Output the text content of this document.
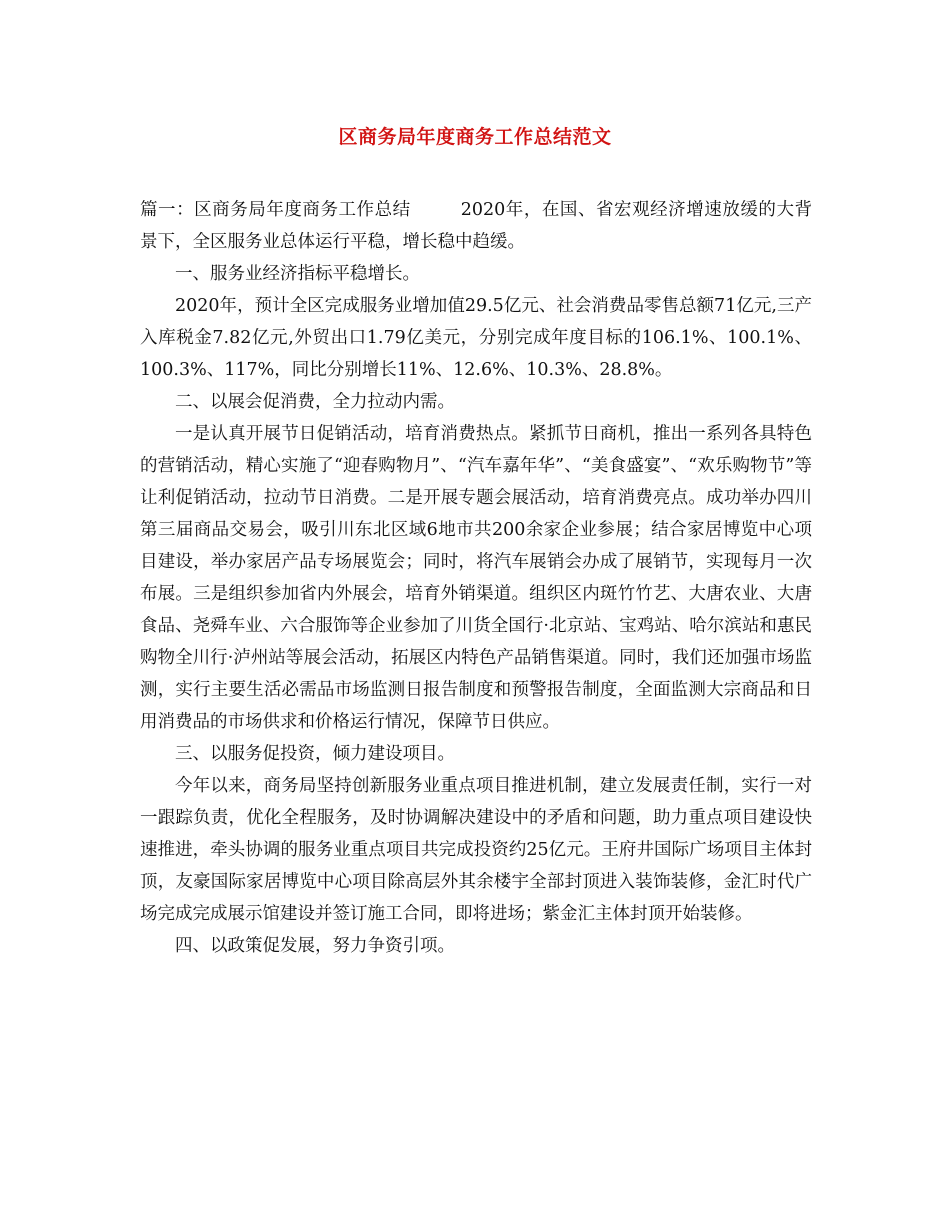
区商务局年度商务工作总结范文

篇一：区商务局年度商务工作总结	2020年，在国、省宏观经济增速放缓的大背景下，全区服务业总体运行平稳，增长稳中趋缓。

一、服务业经济指标平稳增长。

2020年，预计全区完成服务业增加值29.5亿元、社会消费品零售总额71亿元,三产入库税金7.82亿元,外贸出口1.79亿美元，分别完成年度目标的106.1%、100.1%、100.3%、117%，同比分别增长11%、12.6%、10.3%、28.8%。

二、以展会促消费，全力拉动内需。

一是认真开展节日促销活动，培育消费热点。紧抓节日商机，推出一系列各具特色的营销活动，精心实施了“迎春购物月”、“汽车嘉年华”、“美食盛宴”、“欢乐购物节”等让利促销活动，拉动节日消费。二是开展专题会展活动，培育消费亮点。成功举办四川第三届商品交易会，吸引川东北区域6地市共200余家企业参展；结合家居博览中心项目建设，举办家居产品专场展览会；同时，将汽车展销会办成了展销节，实现每月一次布展。三是组织参加省内外展会，培育外销渠道。组织区内斑竹竹艺、大唐农业、大唐食品、尧舜车业、六合服饰等企业参加了川货全国行·北京站、宝鸡站、哈尔滨站和惠民购物全川行·泸州站等展会活动，拓展区内特色产品销售渠道。同时，我们还加强市场监测，实行主要生活必需品市场监测日报告制度和预警报告制度，全面监测大宗商品和日用消费品的市场供求和价格运行情况，保障节日供应。

三、以服务促投资，倾力建设项目。

今年以来，商务局坚持创新服务业重点项目推进机制，建立发展责任制，实行一对一跟踪负责，优化全程服务，及时协调解决建设中的矛盾和问题，助力重点项目建设快速推进，牵头协调的服务业重点项目共完成投资约25亿元。王府井国际广场项目主体封顶，友豪国际家居博览中心项目除高层外其余楼宇全部封顶进入装饰装修，金汇时代广场完成完成展示馆建设并签订施工合同，即将进场；紫金汇主体封顶开始装修。

四、以政策促发展，努力争资引项。
